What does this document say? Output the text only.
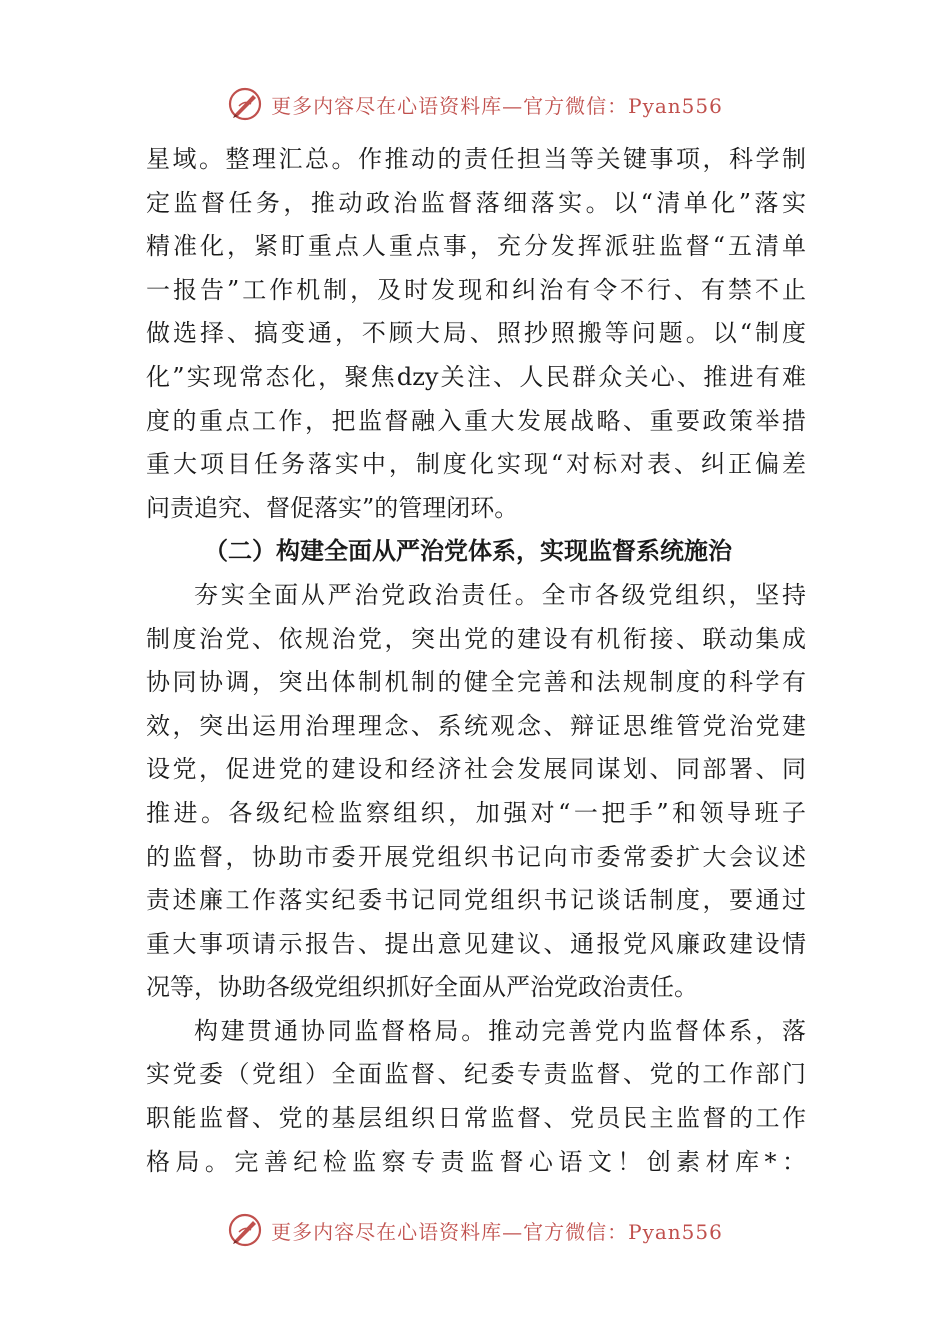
更多内容尽在心语资料库—官方微信：Pyan556
星域。整理汇总。作推动的责任担当等关键事项，科学制
定监督任务，推动政治监督落细落实。以“清单化”落实
精准化，紧盯重点人重点事，充分发挥派驻监督“五清单
一报告”工作机制，及时发现和纠治有令不行、有禁不止
做选择、搞变通，不顾大局、照抄照搬等问题。以“制度
化”实现常态化，聚焦dzy关注、人民群众关心、推进有难
度的重点工作，把监督融入重大发展战略、重要政策举措
重大项目任务落实中，制度化实现“对标对表、纠正偏差
问责追究、督促落实”的管理闭环。
（二）构建全面从严治党体系，实现监督系统施治
夯实全面从严治党政治责任。全市各级党组织，坚持
制度治党、依规治党，突出党的建设有机衔接、联动集成
协同协调，突出体制机制的健全完善和法规制度的科学有
效，突出运用治理理念、系统观念、辩证思维管党治党建
设党，促进党的建设和经济社会发展同谋划、同部署、同
推进。各级纪检监察组织，加强对“一把手”和领导班子
的监督，协助市委开展党组织书记向市委常委扩大会议述
责述廉工作落实纪委书记同党组织书记谈话制度，要通过
重大事项请示报告、提出意见建议、通报党风廉政建设情
况等，协助各级党组织抓好全面从严治党政治责任。
构建贯通协同监督格局。推动完善党内监督体系，落
实党委（党组）全面监督、纪委专责监督、党的工作部门
职能监督、党的基层组织日常监督、党员民主监督的工作
格局。完善纪检监察专责监督心语文！创素材库*：
更多内容尽在心语资料库—官方微信：Pyan556
